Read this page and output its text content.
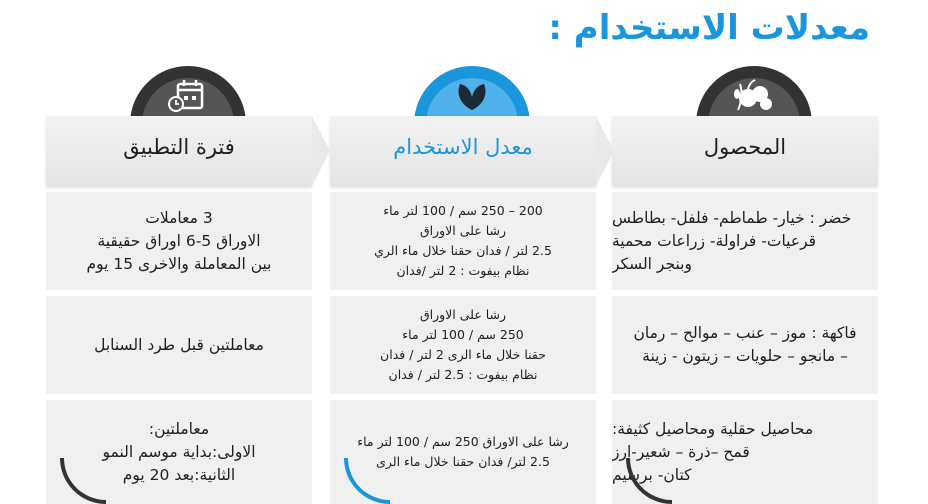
معدلات الاستخدام :
المحصول
خضر : خيار- طماطم- فلفل- بطاطس
قرعيات- فراولة- زراعات محمية
وبنجر السكر
فاكهة : موز – عنب – موالح – رمان
– مانجو – حلويات – زيتون - زينة
محاصيل حقلية ومحاصيل كثيفة:
قمح –ذرة – شعير-ارز
كتان- برسيم
معدل الاستخدام
200 – 250 سم / 100 لتر ماء
رشا على الاوراق
2.5 لتر / فدان حقنا خلال ماء الري
نظام بيفوت : 2 لتر /فدان
رشا على الاوراق
250 سم / 100 لتر ماء
حقنا خلال ماء الرى 2 لتر / فدان
نظام بيفوت : 2.5 لتر / فدان
رشا على الاوراق 250 سم / 100 لتر ماء
2.5 لتر/ فدان حقنا خلال ماء الرى
فترة التطبيق
3 معاملات
الاوراق 5-6 اوراق حقيقية
بين المعاملة والاخرى 15 يوم
معاملتين قبل طرد السنابل
معاملتين:
الاولى:بداية موسم النمو
الثانية:بعد 20 يوم
